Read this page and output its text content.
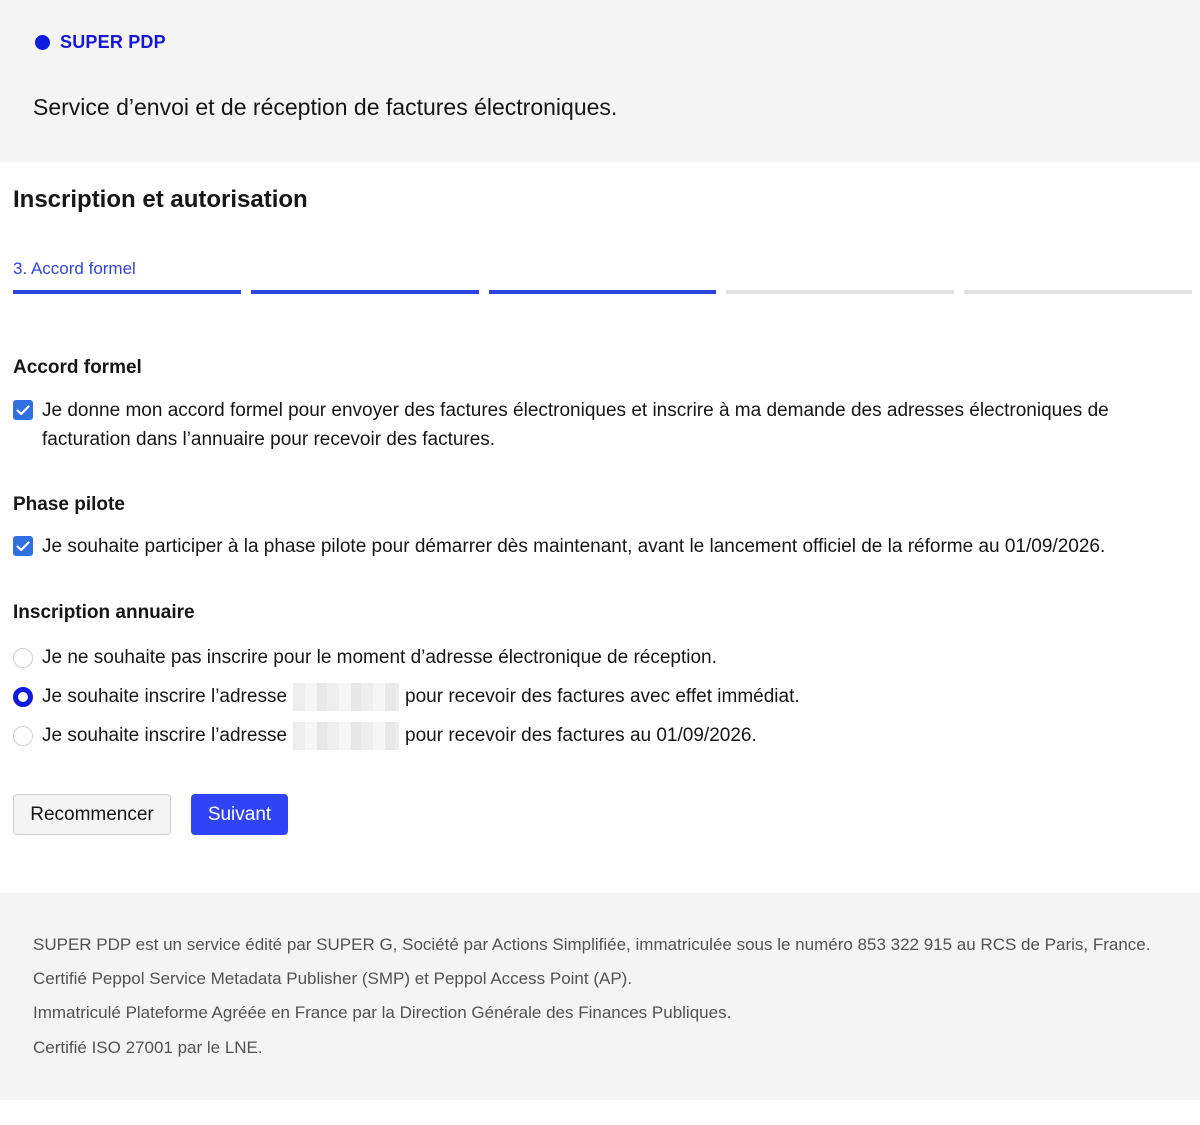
SUPER PDP
Service d’envoi et de réception de factures électroniques.
Inscription et autorisation
3. Accord formel
Accord formel
Je donne mon accord formel pour envoyer des factures électroniques et inscrire à ma demande des adresses électroniques de facturation dans l’annuaire pour recevoir des factures.
Phase pilote
Je souhaite participer à la phase pilote pour démarrer dès maintenant, avant le lancement officiel de la réforme au 01/09/2026.
Inscription annuaire
Je ne souhaite pas inscrire pour le moment d’adresse électronique de réception.
Je souhaite inscrire l’adresse	pour recevoir des factures avec effet immédiat.
Je souhaite inscrire l’adresse	pour recevoir des factures au 01/09/2026.
Recommencer	Suivant
SUPER PDP est un service édité par SUPER G, Société par Actions Simplifiée, immatriculée sous le numéro 853 322 915 au RCS de Paris, France.
Certifié Peppol Service Metadata Publisher (SMP) et Peppol Access Point (AP).
Immatriculé Plateforme Agréée en France par la Direction Générale des Finances Publiques.
Certifié ISO 27001 par le LNE.
